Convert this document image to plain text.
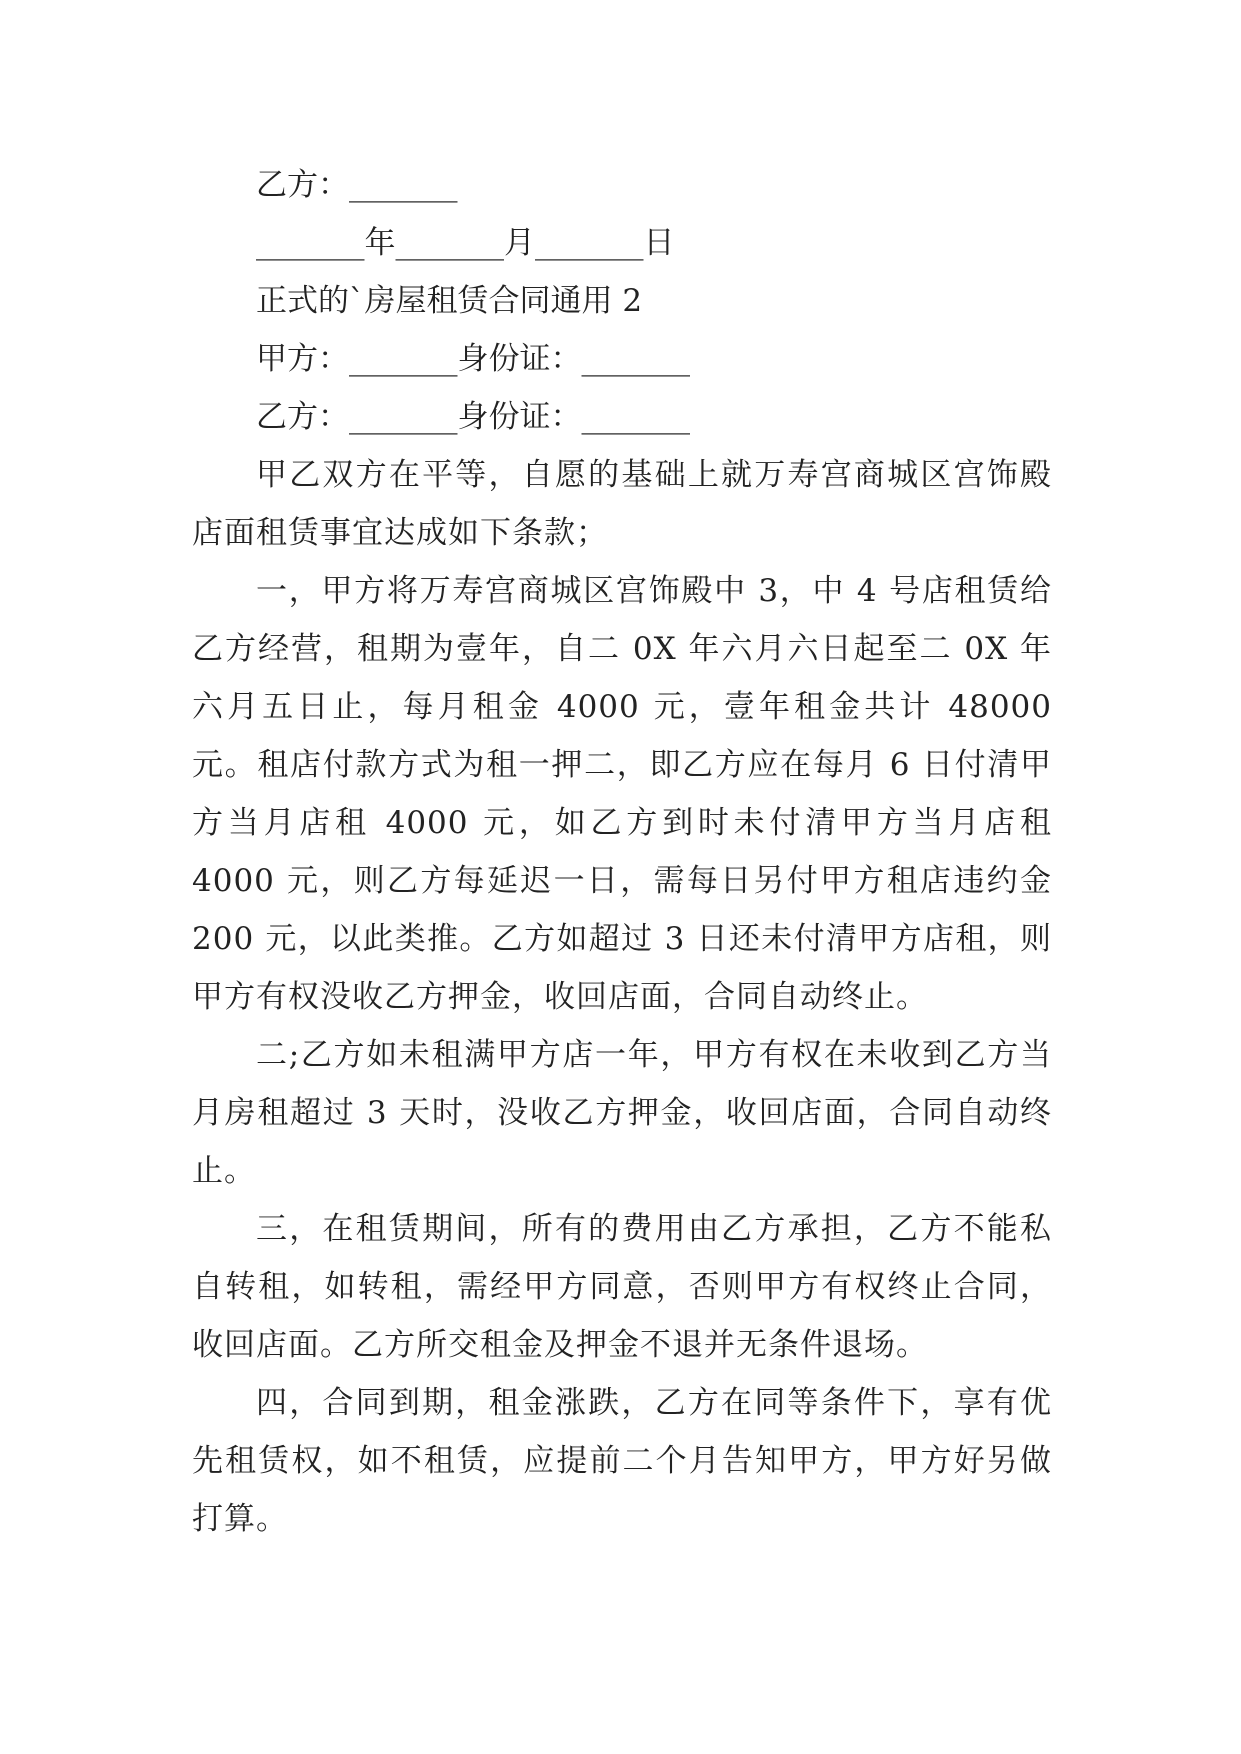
乙方：_______

_______年_______月_______日

正式的`房屋租赁合同通用 2

甲方：_______身份证：_______

乙方：_______身份证：_______

甲乙双方在平等，自愿的基础上就万寿宫商城区宫饰殿店面租赁事宜达成如下条款；

一，甲方将万寿宫商城区宫饰殿中 3，中 4 号店租赁给乙方经营，租期为壹年，自二 0X 年六月六日起至二 0X 年六月五日止，每月租金 4000 元，壹年租金共计 48000 元。租店付款方式为租一押二，即乙方应在每月 6 日付清甲方当月店租 4000 元，如乙方到时未付清甲方当月店租 4000 元，则乙方每延迟一日，需每日另付甲方租店违约金 200 元，以此类推。乙方如超过 3 日还未付清甲方店租，则甲方有权没收乙方押金，收回店面，合同自动终止。

二;乙方如未租满甲方店一年，甲方有权在未收到乙方当月房租超过 3 天时，没收乙方押金，收回店面，合同自动终止。

三，在租赁期间，所有的费用由乙方承担，乙方不能私自转租，如转租，需经甲方同意，否则甲方有权终止合同，收回店面。乙方所交租金及押金不退并无条件退场。

四，合同到期，租金涨跌，乙方在同等条件下，享有优先租赁权，如不租赁，应提前二个月告知甲方，甲方好另做打算。
